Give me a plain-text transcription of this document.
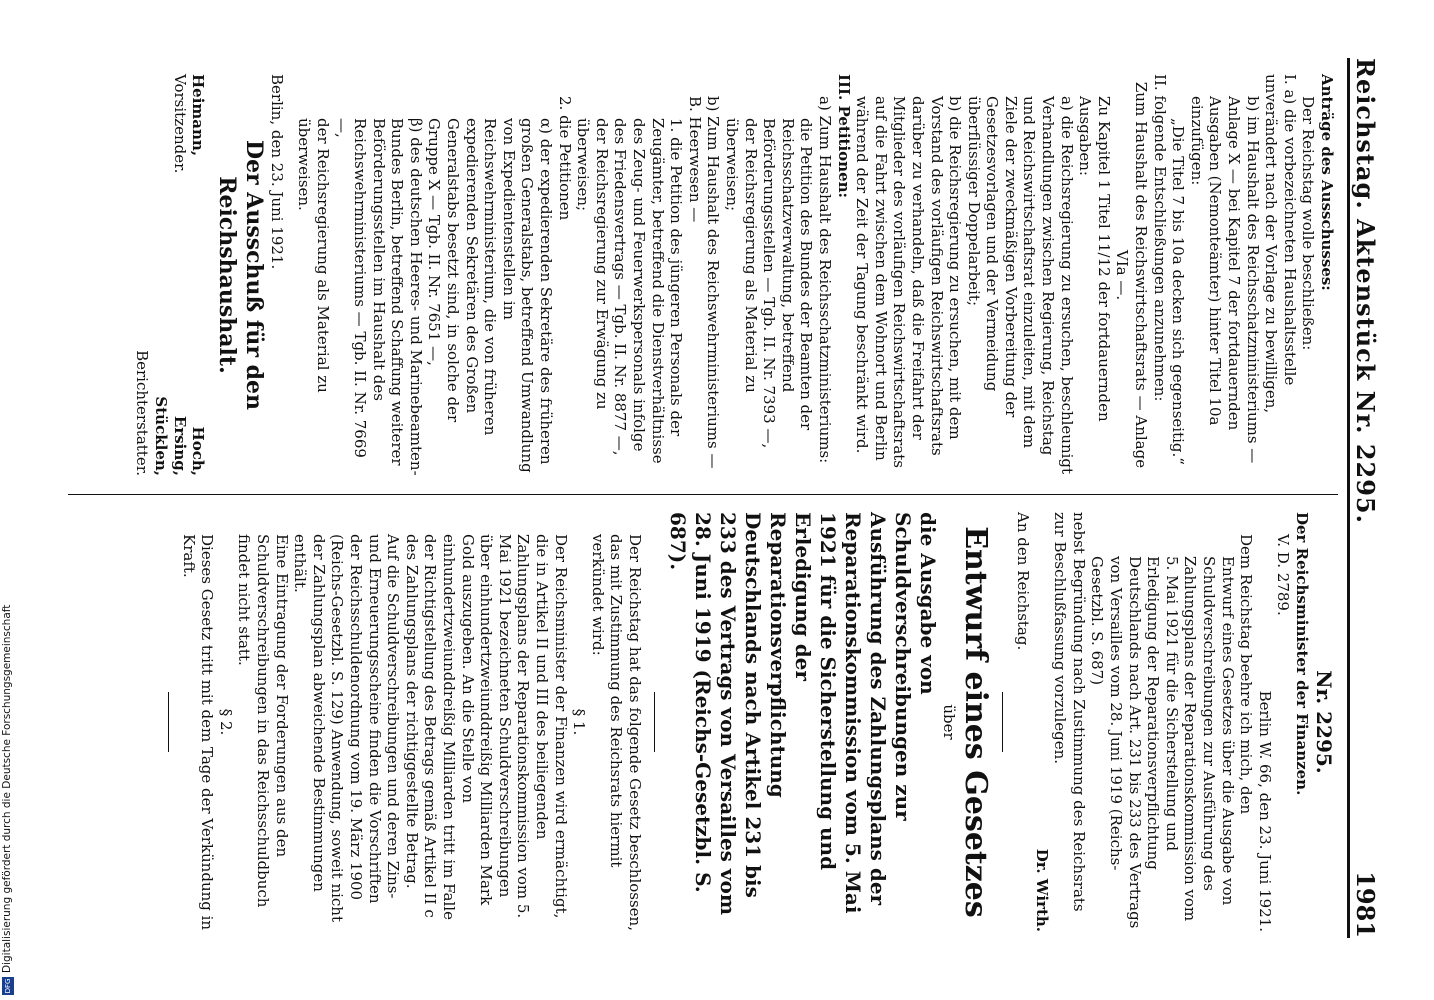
Reichstag. Aktenstück Nr. 2295.
1981

Anträge des Ausschusses:

Der Reichstag wolle beschließen:

I. a) die vorbezeichneten Haushaltsstelle unverändert nach der Vorlage zu bewilligen,

b) im Haushalt des Reichsschatzministeriums — Anlage X — bei Kapitel 7 der fortdauernden Ausgaben (Nemonteämter) hinter Titel 10a einzufügen:

„Die Titel 7 bis 10a decken sich gegenseitig.“

II. folgende Entschließungen anzunehmen:

Zum Haushalt des Reichswirtschaftsrats — Anlage VIa —.

Zu Kapitel 1 Titel 11/12 der fortdauernden Ausgaben:

a) die Reichsregierung zu ersuchen, beschleunigt Verhandlungen zwischen Regierung, Reichstag und Reichswirtschaftsrat einzuleiten, mit dem Ziele der zweckmäßigen Vorbereitung der Gesetzesvorlagen und der Vermeidung überflüssiger Doppelarbeit;

b) die Reichsregierung zu ersuchen, mit dem Vorstand des vorläufigen Reichswirtschaftsrats darüber zu verhandeln, daß die Freifahrt der Mitglieder des vorläufigen Reichswirtschaftsrats auf die Fahrt zwischen dem Wohnort und Berlin während der Zeit der Tagung beschränkt wird.

III. Petitionen:

a) Zum Haushalt des Reichsschatzministeriums:

die Petition des Bundes der Beamten der Reichsschatzverwaltung, betreffend Beförderungsstellen — Tgb. II. Nr. 7393 —, der Reichsregierung als Material zu überweisen;

b) Zum Haushalt des Reichswehrministeriums — B. Heerwesen —

1. die Petition des jüngeren Personals der Zeugämter, betreffend die Dienstverhältnisse des Zeug- und Feuerwerkspersonals infolge des Friedensvertrags — Tgb. II. Nr. 8877 —, der Reichsregierung zur Erwägung zu überweisen;

2. die Petitionen

α) der expedierenden Sekretäre des früheren großen Generalstabs, betreffend Umwandlung von Expedientenstellen im Reichswehrministerium, die von früheren expedierenden Sekretären des Großen Generalstabs besetzt sind, in solche der Gruppe X — Tgb. II. Nr. 7651 —,

β) des deutschen Heeres- und Marinebeamten-Bundes Berlin, betreffend Schaffung weiterer Beförderungsstellen im Haushalt des Reichswehrministeriums — Tgb. II. Nr. 7669 —,

der Reichsregierung als Material zu überweisen.

Berlin, den 23. Juni 1921.

Der Ausschuß für den Reichshaushalt.

Heimann,

Vorsitzender.

Hoch,

Ersing,

Stücklen,

Berichterstatter.

Nr. 2295.

Der Reichsminister der Finanzen.

V. D. 2789.

Berlin W. 66, den 23. Juni 1921.

Dem Reichstag beehre ich mich, den

Entwurf eines Gesetzes über die Ausgabe von Schuldverschreibungen zur Ausführung des Zahlungsplans der Reparationskommission vom 5. Mai 1921 für die Sicherstellung und Erledigung der Reparationsverpflichtung Deutschlands nach Art. 231 bis 233 des Vertrags von Versailles vom 28. Juni 1919 (Reichs-Gesetzbl. S. 687)

nebst Begründung nach Zustimmung des Reichsrats zur Beschlußfassung vorzulegen.

Dr. Wirth.

An den Reichstag.

Entwurf eines Gesetzes

über

die Ausgabe von Schuldverschreibungen zur Ausführung des Zahlungsplans der Reparationskommission vom 5. Mai 1921 für die Sicherstellung und Erledigung der Reparationsverpflichtung Deutschlands nach Artikel 231 bis 233 des Vertrags von Versailles vom 28. Juni 1919 (Reichs-Gesetzbl. S. 687).

Der Reichstag hat das folgende Gesetz beschlossen, das mit Zustimmung des Reichsrats hiermit verkündet wird:

§ 1.

Der Reichsminister der Finanzen wird ermächtigt, die in Artikel II und III des beiliegenden Zahlungsplans der Reparationskommission vom 5. Mai 1921 bezeichneten Schuldverschreibungen über einhundertzweiunddreißig Milliarden Mark Gold auszugeben. An die Stelle von einhundertzweiunddreißig Milliarden tritt im Falle der Richtigstellung des Betrags gemäß Artikel II c des Zahlungsplans der richtiggestellte Betrag.

Auf die Schuldverschreibungen und deren Zins- und Erneuerungsscheine finden die Vorschriften der Reichsschuldenordnung vom 19. März 1900 (Reichs-Gesetzbl. S. 129) Anwendung, soweit nicht der Zahlungsplan abweichende Bestimmungen enthält.

Eine Eintragung der Forderungen aus den Schuldverschreibungen in das Reichsschuldbuch findet nicht statt.

§ 2.

Dieses Gesetz tritt mit dem Tage der Verkündung in Kraft.

DFGDigitalisierung gefördert durch die Deutsche Forschungsgemeinschaft
